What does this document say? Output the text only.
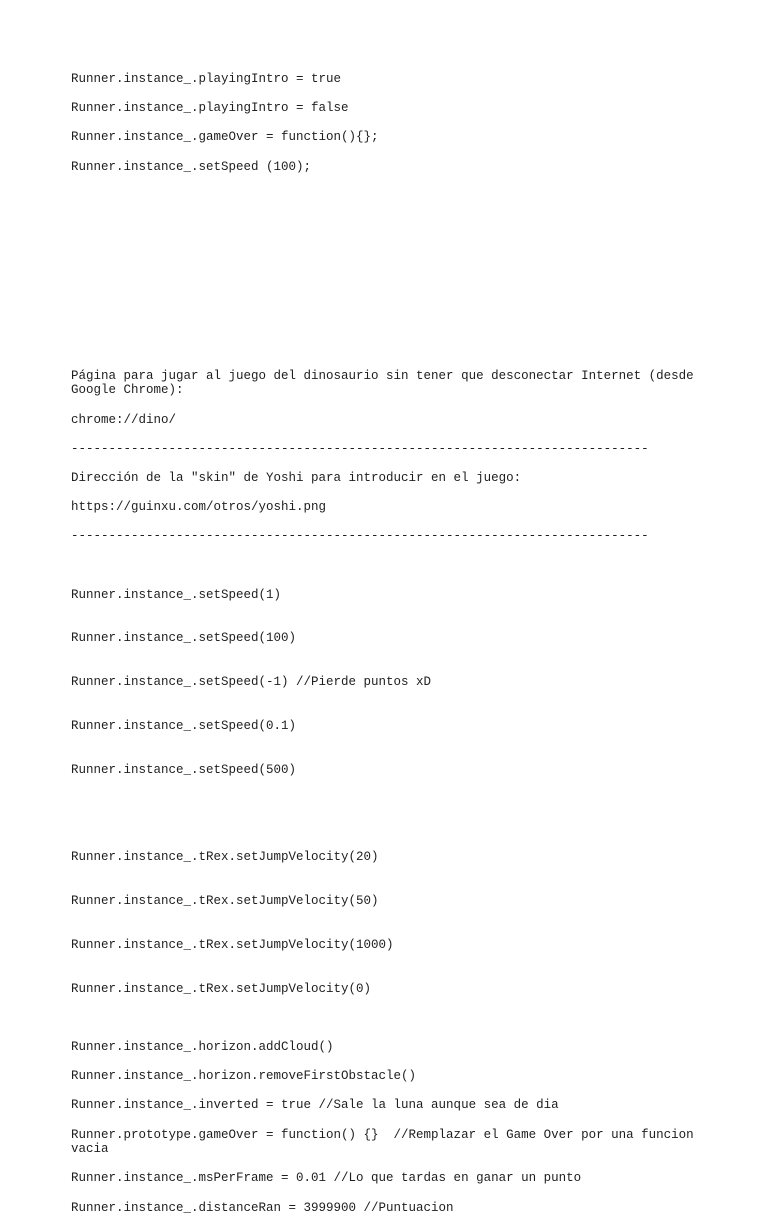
Runner.instance_.playingIntro = true

Runner.instance_.playingIntro = false

Runner.instance_.gameOver = function(){};

Runner.instance_.setSpeed (100);

Página para jugar al juego del dinosaurio sin tener que desconectar Internet (desde Google Chrome):

chrome://dino/

-----------------------------------------------------------------------------

Dirección de la "skin" de Yoshi para introducir en el juego:

https://guinxu.com/otros/yoshi.png

-----------------------------------------------------------------------------

Runner.instance_.setSpeed(1)

Runner.instance_.setSpeed(100)

Runner.instance_.setSpeed(-1) //Pierde puntos xD

Runner.instance_.setSpeed(0.1)

Runner.instance_.setSpeed(500)

Runner.instance_.tRex.setJumpVelocity(20)

Runner.instance_.tRex.setJumpVelocity(50)

Runner.instance_.tRex.setJumpVelocity(1000)

Runner.instance_.tRex.setJumpVelocity(0)

Runner.instance_.horizon.addCloud()

Runner.instance_.horizon.removeFirstObstacle()

Runner.instance_.inverted = true //Sale la luna aunque sea de dia

Runner.prototype.gameOver = function() {}  //Remplazar el Game Over por una funcion vacia

Runner.instance_.msPerFrame = 0.01 //Lo que tardas en ganar un punto

Runner.instance_.distanceRan = 3999900 //Puntuacion
